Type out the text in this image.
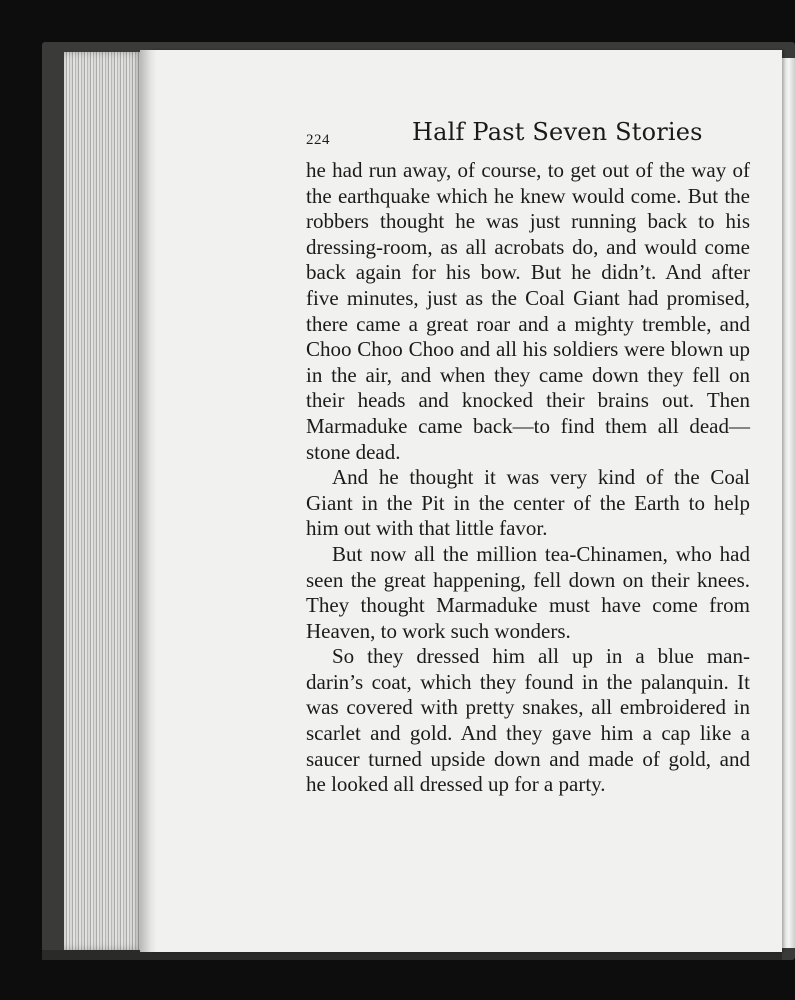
224	Half Past Seven Stories
he had run away, of course, to get out of the way of
the earthquake which he knew would come. But the
robbers thought he was just running back to his
dressing-room, as all acrobats do, and would come
back again for his bow. But he didn’t. And after
five minutes, just as the Coal Giant had promised,
there came a great roar and a mighty tremble, and
Choo Choo Choo and all his soldiers were blown up
in the air, and when they came down they fell on
their heads and knocked their brains out. Then
Marmaduke came back—to find them all dead—
stone dead.
And he thought it was very kind of the Coal
Giant in the Pit in the center of the Earth to help
him out with that little favor.
But now all the million tea-Chinamen, who had
seen the great happening, fell down on their knees.
They thought Marmaduke must have come from
Heaven, to work such wonders.
So they dressed him all up in a blue man-
darin’s coat, which they found in the palanquin. It
was covered with pretty snakes, all embroidered in
scarlet and gold. And they gave him a cap like a
saucer turned upside down and made of gold, and
he looked all dressed up for a party.
